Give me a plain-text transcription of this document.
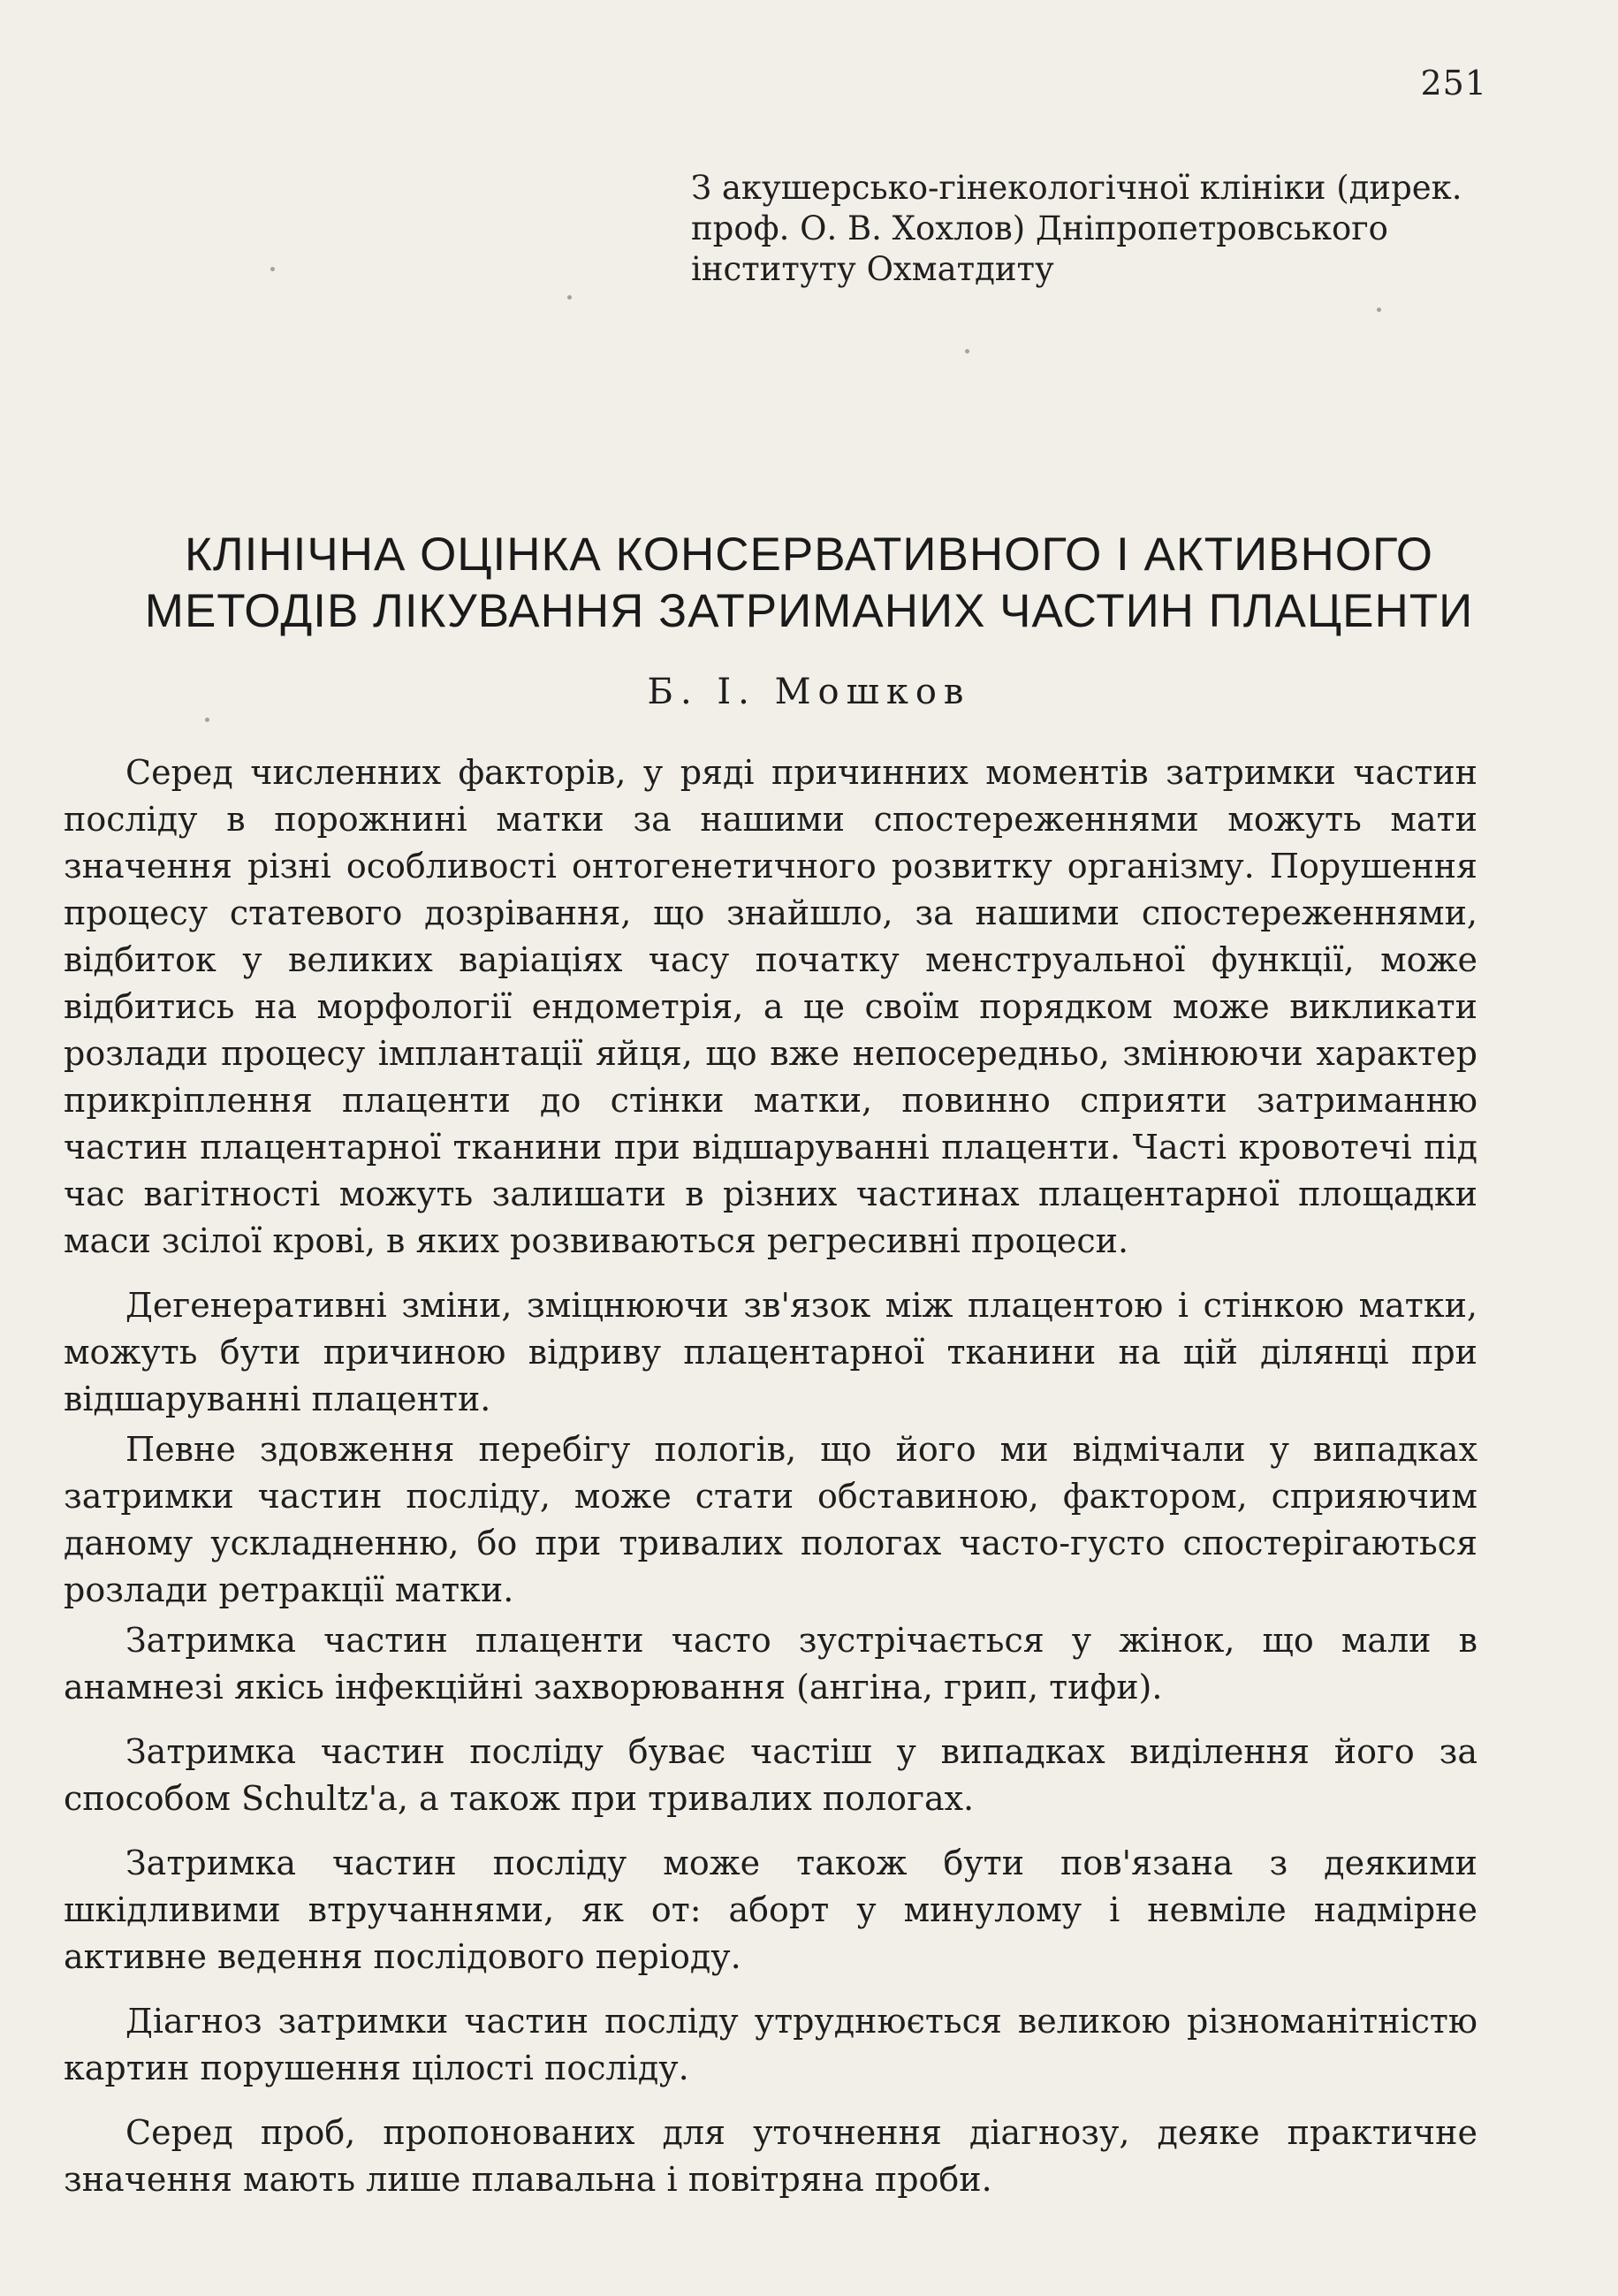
251
З акушерсько-гінекологічної клініки (дирек.
проф. О. В. Хохлов) Дніпропетровського
інституту Охматдиту
КЛІНІЧНА ОЦІНКА КОНСЕРВАТИВНОГО І АКТИВНОГО
МЕТОДІВ ЛІКУВАННЯ ЗАТРИМАНИХ ЧАСТИН ПЛАЦЕНТИ
Б. І. Мошков

Серед численних факторів, у ряді причинних моментів затримки частин посліду в порожнині матки за нашими спостереженнями можуть мати значення різні особливості онтогенетичного розвитку організму. Порушення процесу статевого дозрівання, що знайшло, за нашими спостереженнями, відбиток у великих варіаціях часу початку менструальної функції, може відбитись на морфології ендометрія, а це своїм порядком може викликати розлади процесу імплантації яйця, що вже непосередньо, змінюючи характер прикріплення плаценти до стінки матки, повинно сприяти затриманню частин плацентарної тканини при відшаруванні плаценти. Часті кровотечі під час вагітності можуть залишати в різних частинах плацентарної площадки маси зсілої крові, в яких розвиваються регресивні процеси.

Дегенеративні зміни, зміцнюючи зв'язок між плацентою і стінкою матки, можуть бути причиною відриву плацентарної тканини на цій ділянці при відшаруванні плаценти.

Певне здовження перебігу пологів, що його ми відмічали у випадках затримки частин посліду, може стати обставиною, фактором, сприяючим даному ускладненню, бо при тривалих пологах часто-густо спостерігаються розлади ретракції матки.

Затримка частин плаценти часто зустрічається у жінок, що мали в анамнезі якісь інфекційні захворювання (ангіна, грип, тифи).

Затримка частин посліду буває частіш у випадках виділення його за способом Schultz'а, а також при тривалих пологах.

Затримка частин посліду може також бути пов'язана з деякими шкідливими втручаннями, як от: аборт у минулому і невміле надмірне активне ведення послідового періоду.

Діагноз затримки частин посліду утруднюється великою різноманітністю картин порушення цілості посліду.

Серед проб, пропонованих для уточнення діагнозу, деяке практичне значення мають лише плавальна і повітряна проби.
